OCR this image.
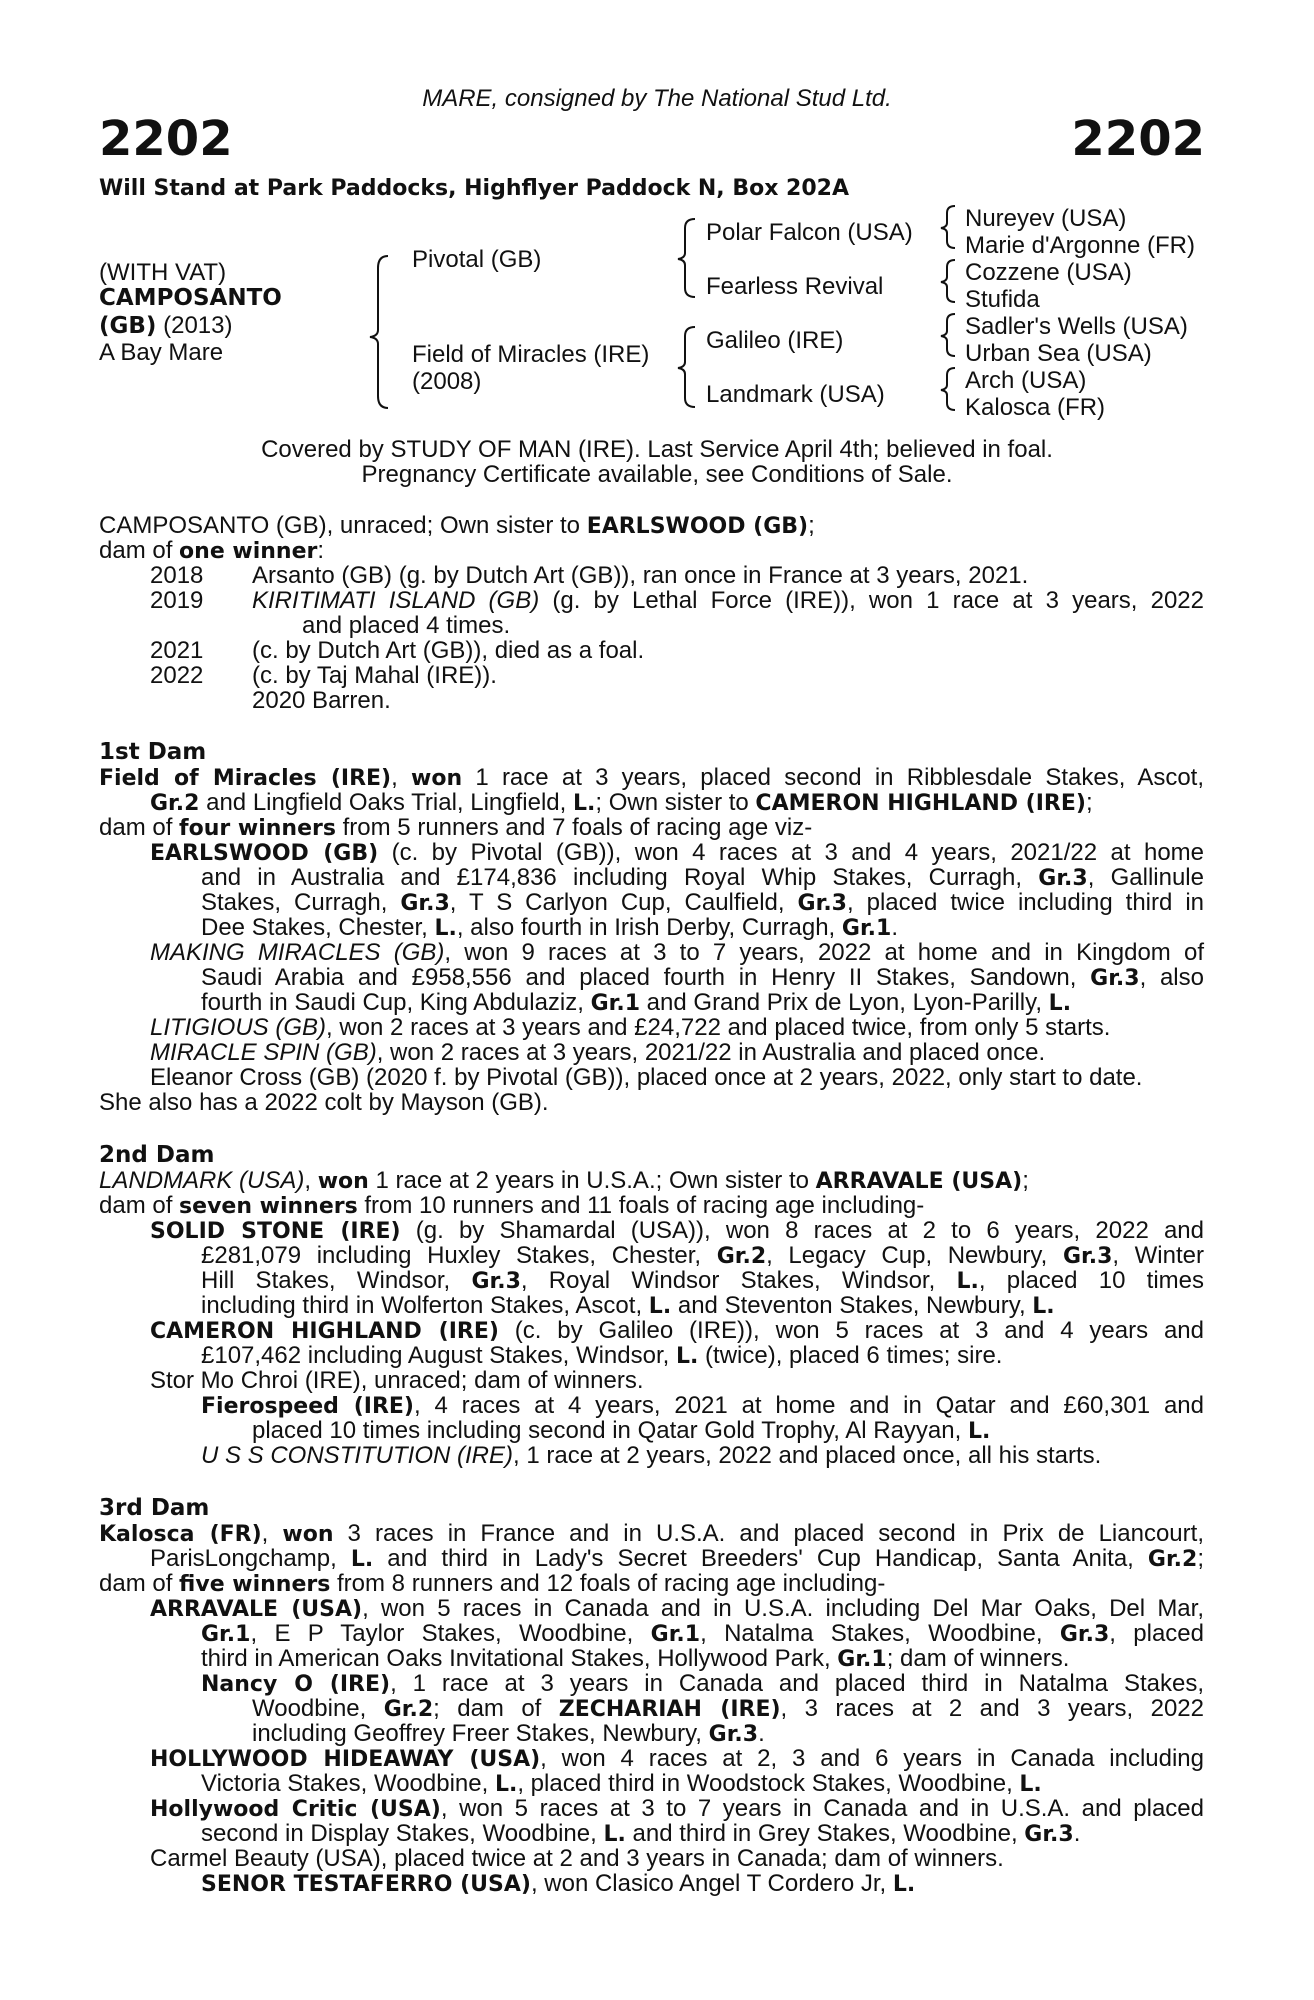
MARE, consigned by The National Stud Ltd.
2202	2202
Will Stand at Park Paddocks, Highflyer Paddock N, Box 202A
(WITH VAT)
CAMPOSANTO
(GB) (2013)
A Bay Mare
Pivotal (GB)
Field of Miracles (IRE)
(2008)
Polar Falcon (USA)
Fearless Revival
Galileo (IRE)
Landmark (USA)
Nureyev (USA)
Marie d'Argonne (FR)
Cozzene (USA)
Stufida
Sadler's Wells (USA)
Urban Sea (USA)
Arch (USA)
Kalosca (FR)
Covered by STUDY OF MAN (IRE). Last Service April 4th; believed in foal.
Pregnancy Certificate available, see Conditions of Sale.
CAMPOSANTO (GB), unraced; Own sister to EARLSWOOD (GB);
dam of one winner:
2018 Arsanto (GB) (g. by Dutch Art (GB)), ran once in France at 3 years, 2021.
2019 KIRITIMATI ISLAND (GB) (g. by Lethal Force (IRE)), won 1 race at 3 years, 2022
and placed 4 times.
2021 (c. by Dutch Art (GB)), died as a foal.
2022 (c. by Taj Mahal (IRE)).
2020 Barren.
1st Dam
Field of Miracles (IRE), won 1 race at 3 years, placed second in Ribblesdale Stakes, Ascot,
Gr.2 and Lingfield Oaks Trial, Lingfield, L.; Own sister to CAMERON HIGHLAND (IRE);
dam of four winners from 5 runners and 7 foals of racing age viz-
EARLSWOOD (GB) (c. by Pivotal (GB)), won 4 races at 3 and 4 years, 2021/22 at home
and in Australia and £174,836 including Royal Whip Stakes, Curragh, Gr.3, Gallinule
Stakes, Curragh, Gr.3, T S Carlyon Cup, Caulfield, Gr.3, placed twice including third in
Dee Stakes, Chester, L., also fourth in Irish Derby, Curragh, Gr.1.
MAKING MIRACLES (GB), won 9 races at 3 to 7 years, 2022 at home and in Kingdom of
Saudi Arabia and £958,556 and placed fourth in Henry II Stakes, Sandown, Gr.3, also
fourth in Saudi Cup, King Abdulaziz, Gr.1 and Grand Prix de Lyon, Lyon-Parilly, L.
LITIGIOUS (GB), won 2 races at 3 years and £24,722 and placed twice, from only 5 starts.
MIRACLE SPIN (GB), won 2 races at 3 years, 2021/22 in Australia and placed once.
Eleanor Cross (GB) (2020 f. by Pivotal (GB)), placed once at 2 years, 2022, only start to date.
She also has a 2022 colt by Mayson (GB).
2nd Dam
LANDMARK (USA), won 1 race at 2 years in U.S.A.; Own sister to ARRAVALE (USA);
dam of seven winners from 10 runners and 11 foals of racing age including-
SOLID STONE (IRE) (g. by Shamardal (USA)), won 8 races at 2 to 6 years, 2022 and
£281,079 including Huxley Stakes, Chester, Gr.2, Legacy Cup, Newbury, Gr.3, Winter
Hill Stakes, Windsor, Gr.3, Royal Windsor Stakes, Windsor, L., placed 10 times
including third in Wolferton Stakes, Ascot, L. and Steventon Stakes, Newbury, L.
CAMERON HIGHLAND (IRE) (c. by Galileo (IRE)), won 5 races at 3 and 4 years and
£107,462 including August Stakes, Windsor, L. (twice), placed 6 times; sire.
Stor Mo Chroi (IRE), unraced; dam of winners.
Fierospeed (IRE), 4 races at 4 years, 2021 at home and in Qatar and £60,301 and
placed 10 times including second in Qatar Gold Trophy, Al Rayyan, L.
U S S CONSTITUTION (IRE), 1 race at 2 years, 2022 and placed once, all his starts.
3rd Dam
Kalosca (FR), won 3 races in France and in U.S.A. and placed second in Prix de Liancourt,
ParisLongchamp, L. and third in Lady's Secret Breeders' Cup Handicap, Santa Anita, Gr.2;
dam of five winners from 8 runners and 12 foals of racing age including-
ARRAVALE (USA), won 5 races in Canada and in U.S.A. including Del Mar Oaks, Del Mar,
Gr.1, E P Taylor Stakes, Woodbine, Gr.1, Natalma Stakes, Woodbine, Gr.3, placed
third in American Oaks Invitational Stakes, Hollywood Park, Gr.1; dam of winners.
Nancy O (IRE), 1 race at 3 years in Canada and placed third in Natalma Stakes,
Woodbine, Gr.2; dam of ZECHARIAH (IRE), 3 races at 2 and 3 years, 2022
including Geoffrey Freer Stakes, Newbury, Gr.3.
HOLLYWOOD HIDEAWAY (USA), won 4 races at 2, 3 and 6 years in Canada including
Victoria Stakes, Woodbine, L., placed third in Woodstock Stakes, Woodbine, L.
Hollywood Critic (USA), won 5 races at 3 to 7 years in Canada and in U.S.A. and placed
second in Display Stakes, Woodbine, L. and third in Grey Stakes, Woodbine, Gr.3.
Carmel Beauty (USA), placed twice at 2 and 3 years in Canada; dam of winners.
SENOR TESTAFERRO (USA), won Clasico Angel T Cordero Jr, L.
